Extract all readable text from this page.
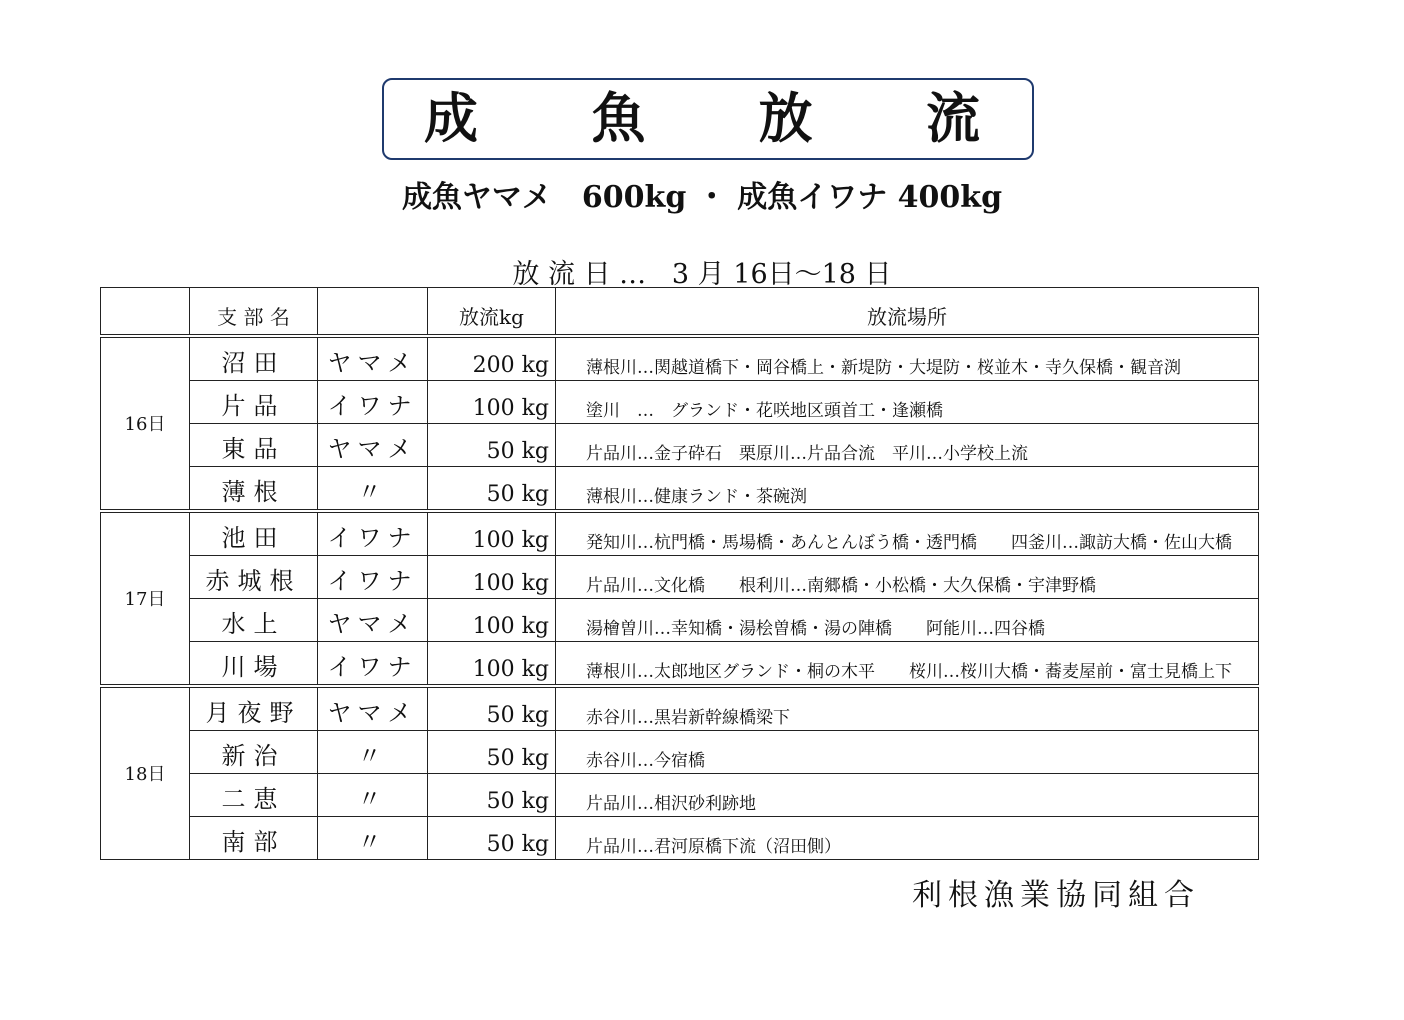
成 魚 放 流
成魚ヤマメ　600kg ・ 成魚イワナ 400kg
放 流 日 …   3 月 16日～18 日
	支 部 名		放流kg	放流場所
16日	沼田	ヤマメ	200 kg	薄根川…関越道橋下・岡谷橋上・新堤防・大堤防・桜並木・寺久保橋・観音渕
	片品	イワナ	100 kg	塗川　…　グランド・花咲地区頭首工・逢瀬橋
	東品	ヤマメ	50 kg	片品川…金子砕石　栗原川…片品合流　平川…小学校上流
	薄根	〃	50 kg	薄根川…健康ランド・茶碗渕
17日	池田	イワナ	100 kg	発知川…杭門橋・馬場橋・あんとんぼう橋・透門橋　　四釜川…諏訪大橋・佐山大橋
	赤城根	イワナ	100 kg	片品川…文化橋　　根利川…南郷橋・小松橋・大久保橋・宇津野橋
	水上	ヤマメ	100 kg	湯檜曽川…幸知橋・湯桧曽橋・湯の陣橋　　阿能川…四谷橋
	川場	イワナ	100 kg	薄根川…太郎地区グランド・桐の木平　　桜川…桜川大橋・蕎麦屋前・富士見橋上下
18日	月夜野	ヤマメ	50 kg	赤谷川…黒岩新幹線橋梁下
	新治	〃	50 kg	赤谷川…今宿橋
	二恵	〃	50 kg	片品川…相沢砂利跡地
	南部	〃	50 kg	片品川…君河原橋下流（沼田側）
利根漁業協同組合
